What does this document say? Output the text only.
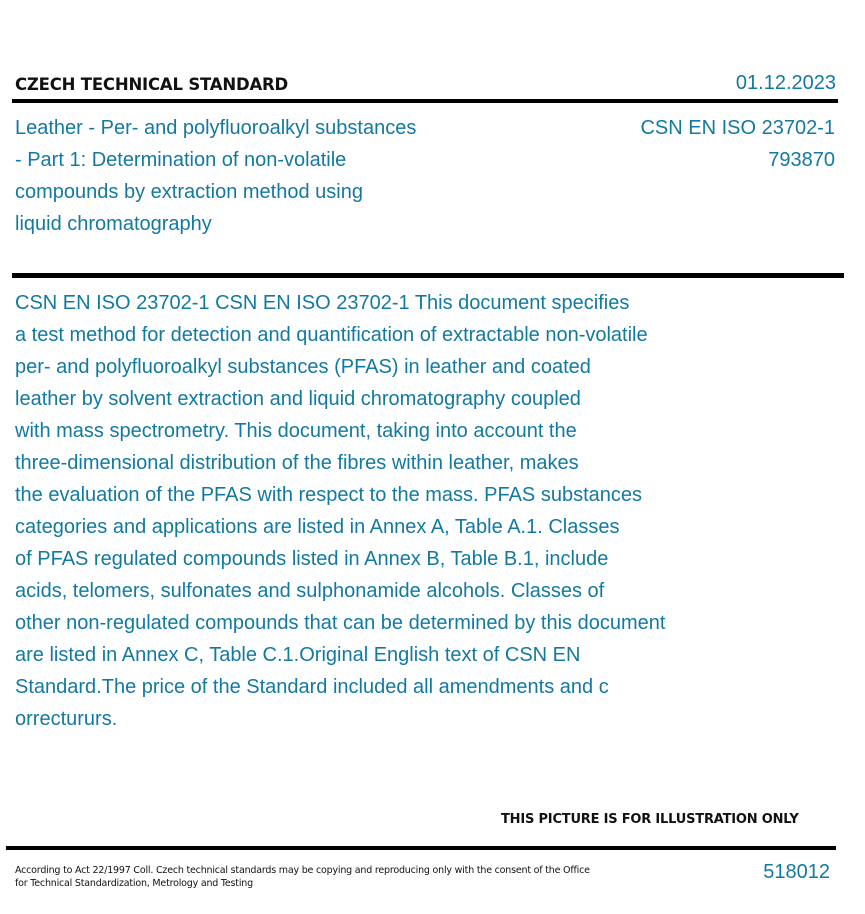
CZECH TECHNICAL STANDARD	01.12.2023
Leather - Per- and polyfluoroalkyl substances
- Part 1: Determination of non-volatile
compounds by extraction method using
liquid chromatography
CSN EN ISO 23702-1
793870
CSN EN ISO 23702-1 CSN EN ISO 23702-1 This document specifies
a test method for detection and quantification of extractable non-volatile
per- and polyfluoroalkyl substances (PFAS) in leather and coated
leather by solvent extraction and liquid chromatography coupled
with mass spectrometry. This document, taking into account the
three-dimensional distribution of the fibres within leather, makes
the evaluation of the PFAS with respect to the mass. PFAS substances
categories and applications are listed in Annex A, Table A.1. Classes
of PFAS regulated compounds listed in Annex B, Table B.1, include
acids, telomers, sulfonates and sulphonamide alcohols. Classes of
other non-regulated compounds that can be determined by this document
are listed in Annex C, Table C.1.Original English text of CSN EN
Standard.The price of the Standard included all amendments and c
orrectururs.
THIS PICTURE IS FOR ILLUSTRATION ONLY
According to Act 22/1997 Coll. Czech technical standards may be copying and reproducing only with the consent of the Office
for Technical Standardization, Metrology and Testing
518012
